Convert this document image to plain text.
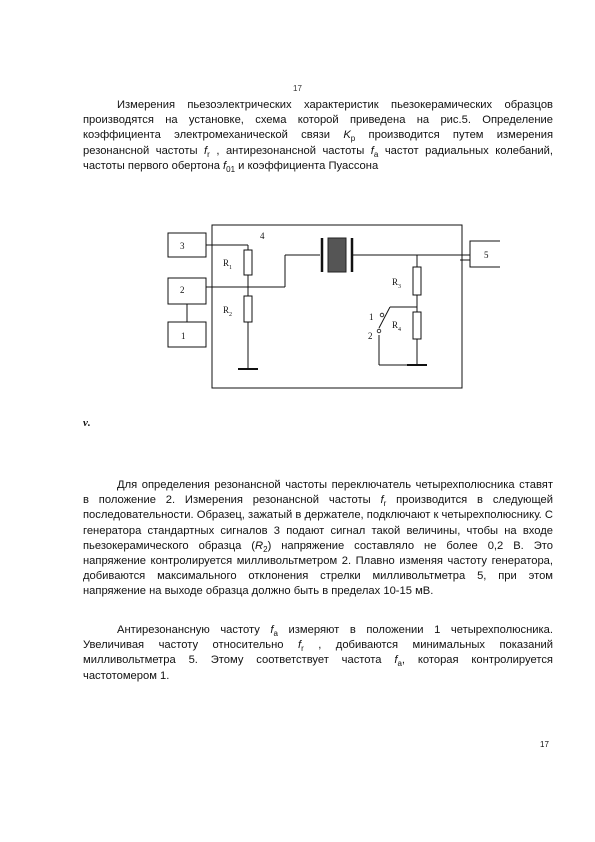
17

Измерения пьезоэлектрических характеристик пьезокерамических образцов производятся на установке, схема которой приведена на рис.5. Определение коэффициента электромеханической связи $K_p$ производится путем измерения резонансной частоты $f_r$ , антирезонансной частоты $f_a$ частот радиальных колебаний, частоты первого обертона $f_{01}$ и коэффициента Пуассона

3
2
1
5
4
$R_1$
$R_2$
$R_3$
$R_4$
1
2
ν.

Для определения резонансной частоты переключатель четырехполюсника ставят в положение 2. Измерения резонансной частоты $f_r$ производится в следующей последовательности. Образец, зажатый в держателе, подключают к четырехполюснику. С генератора стандартных сигналов 3 подают сигнал такой величины, чтобы на входе пьезокерамического образца $(R_2)$ напряжение составляло не более 0,2 В. Это напряжение контролируется милливольтметром 2. Плавно изменяя частоту генератора, добиваются максимального отклонения стрелки милливольтметра 5, при этом напряжение на выходе образца должно быть в пределах 10-15 мВ.

Антирезонансную частоту $f_a$ измеряют в положении 1 четырехполюсника. Увеличивая частоту относительно $f_r$ , добиваются минимальных показаний милливольтметра 5. Этому соответствует частота $f_a$, которая контролируется частотомером 1.

17
